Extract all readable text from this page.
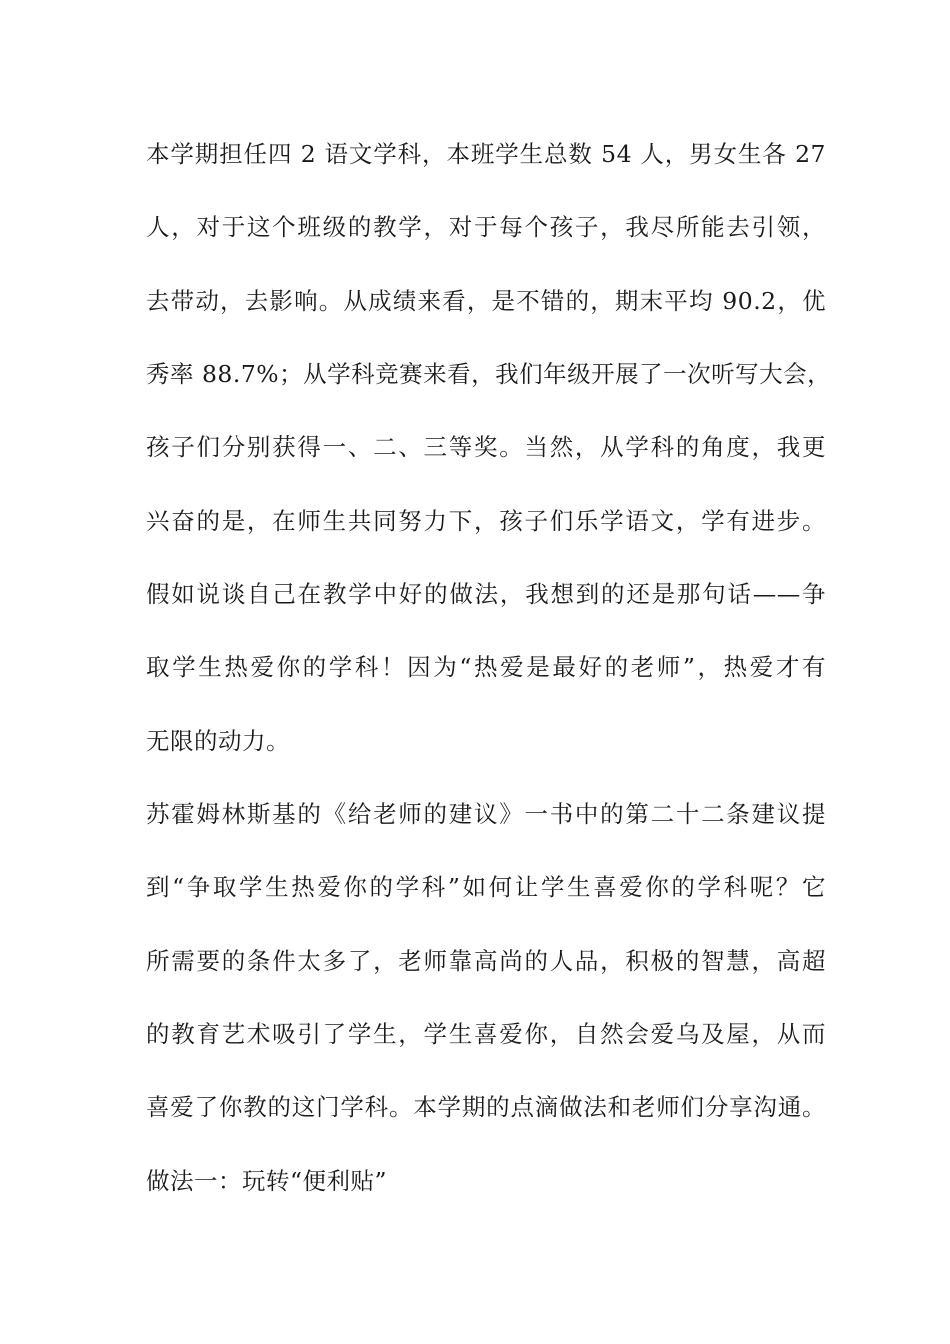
本学期担任四 2 语文学科，本班学生总数 54 人，男女生各 27
人，对于这个班级的教学，对于每个孩子，我尽所能去引领，
去带动，去影响。从成绩来看，是不错的，期末平均 90.2，优
秀率 88.7%；从学科竞赛来看，我们年级开展了一次听写大会，
孩子们分别获得一、二、三等奖。当然，从学科的角度，我更
兴奋的是，在师生共同努力下，孩子们乐学语文，学有进步。
假如说谈自己在教学中好的做法，我想到的还是那句话——争
取学生热爱你的学科！因为“热爱是最好的老师”，热爱才有
无限的动力。
苏霍姆林斯基的《给老师的建议》一书中的第二十二条建议提
到“争取学生热爱你的学科”如何让学生喜爱你的学科呢？它
所需要的条件太多了，老师靠高尚的人品，积极的智慧，高超
的教育艺术吸引了学生，学生喜爱你，自然会爱乌及屋，从而
喜爱了你教的这门学科。本学期的点滴做法和老师们分享沟通。
做法一：玩转“便利贴”
